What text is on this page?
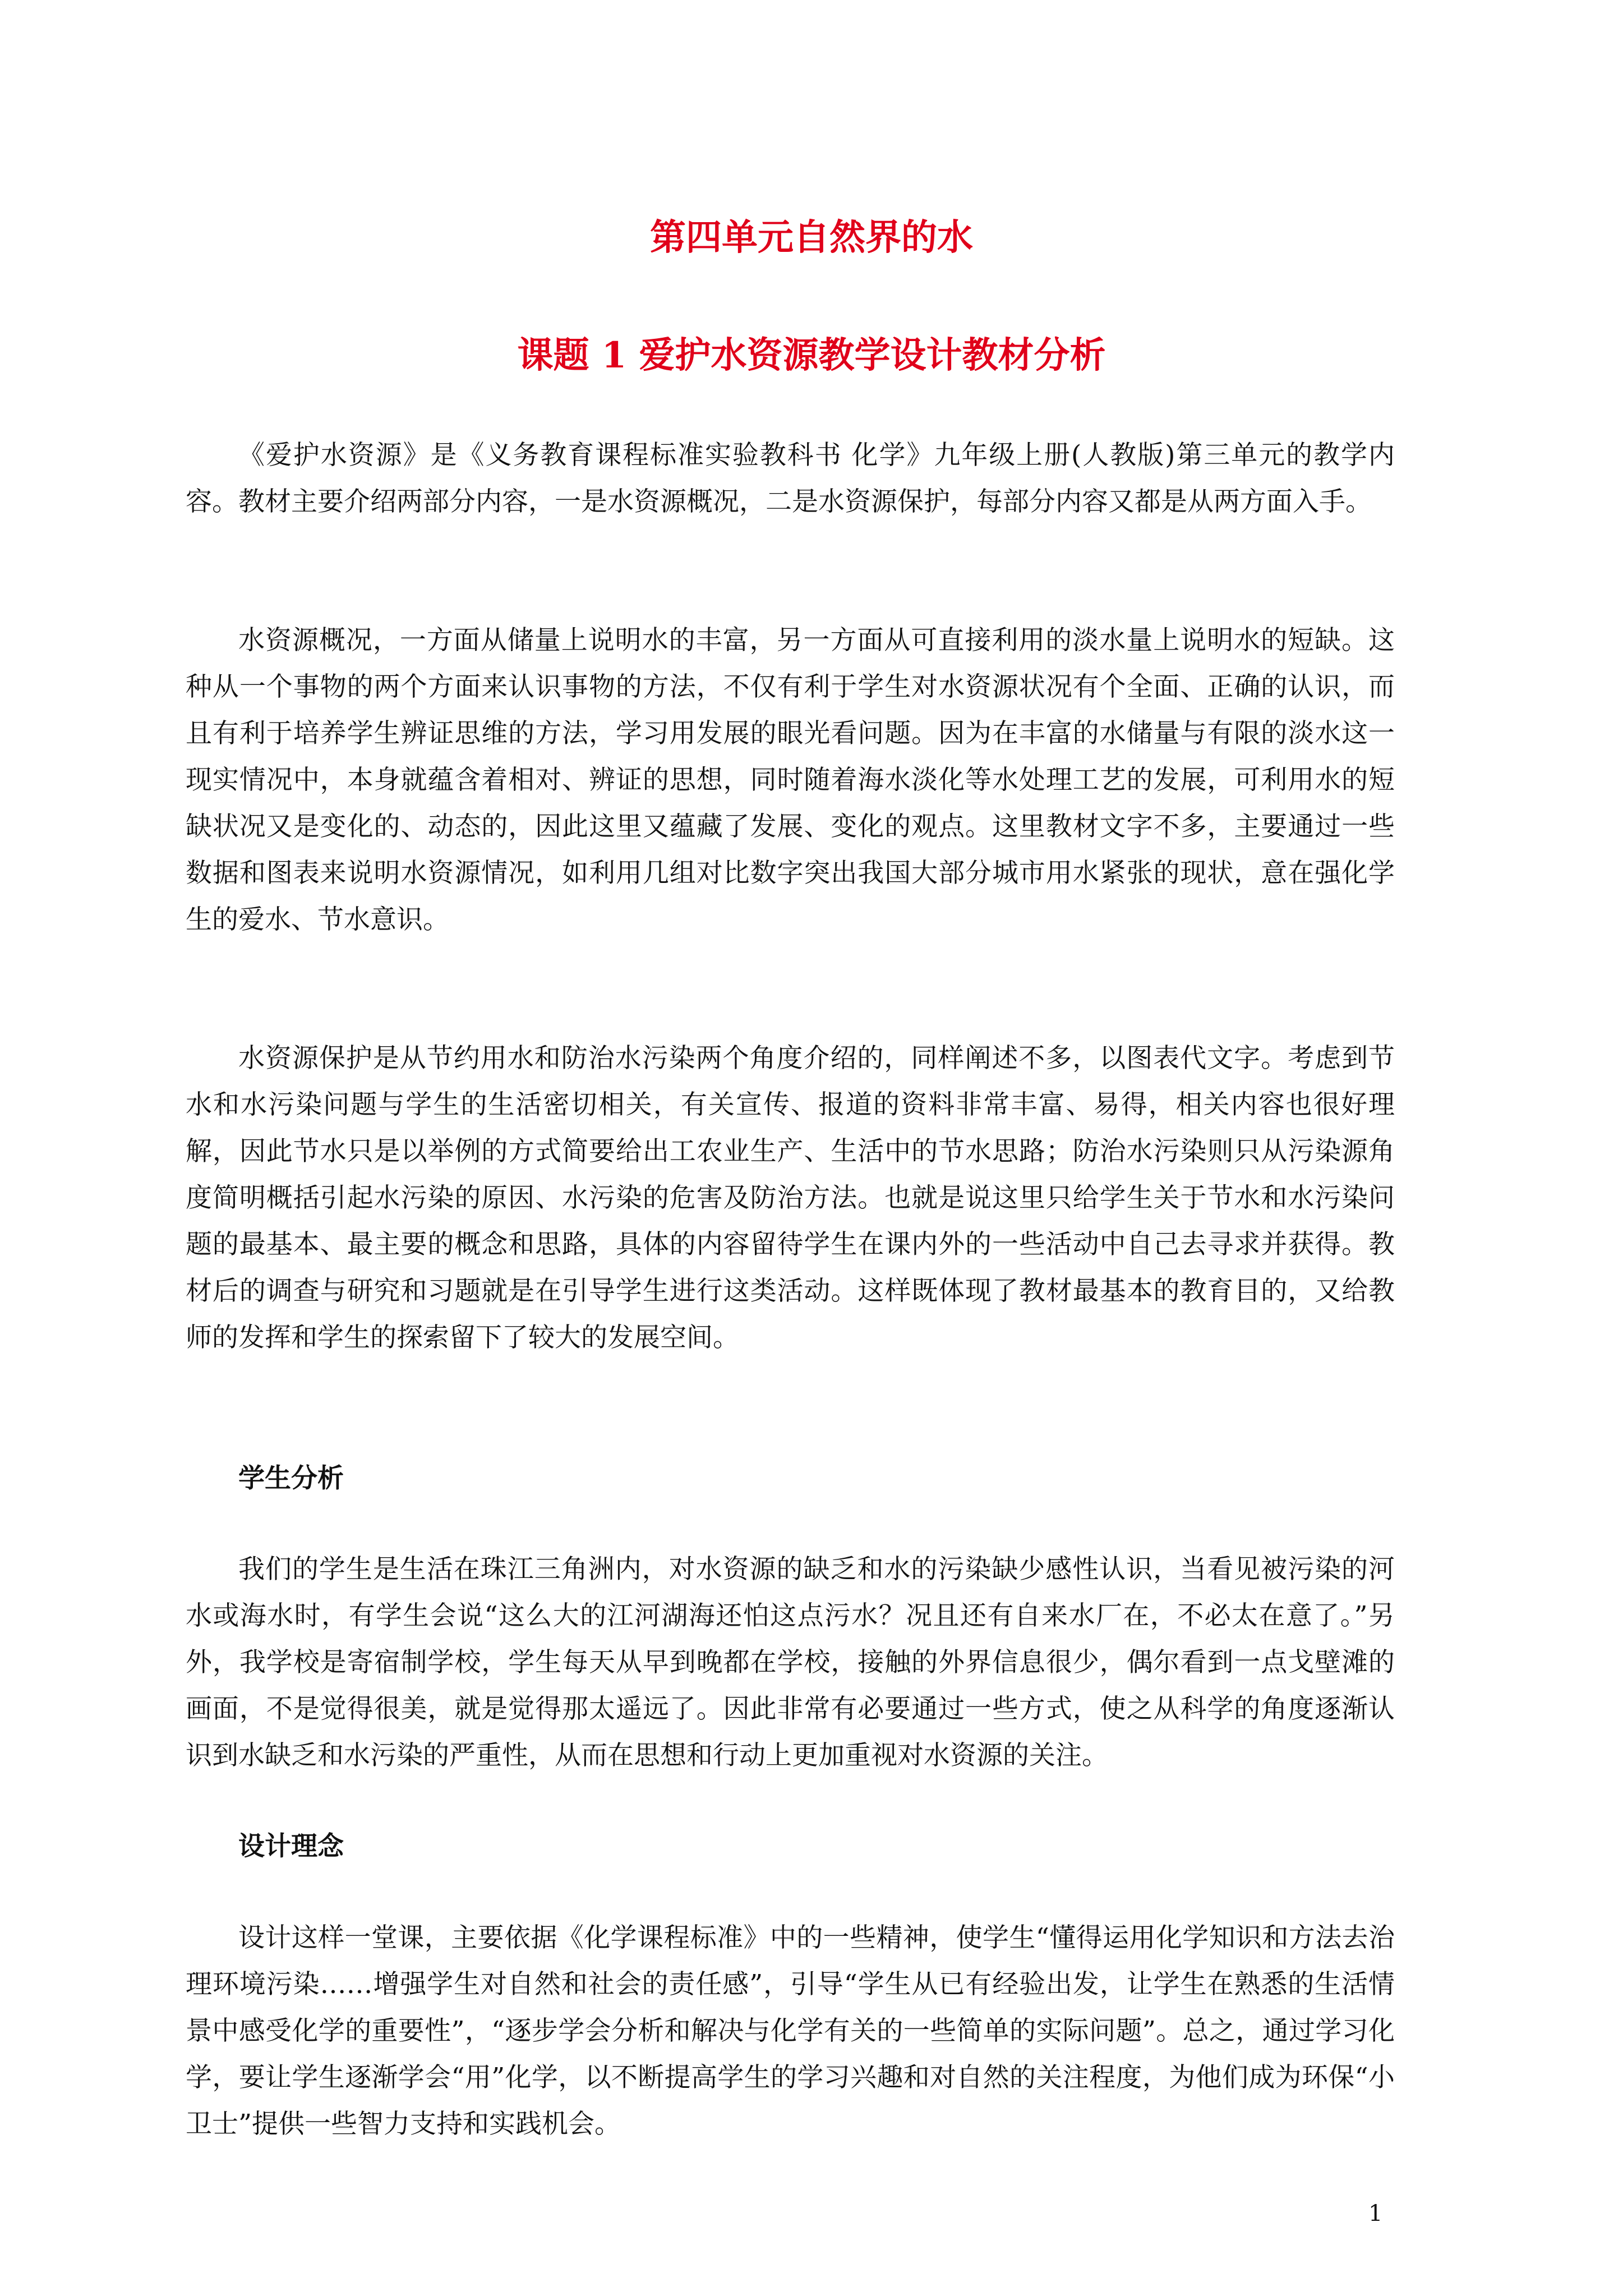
第四单元自然界的水
课题 1 爱护水资源教学设计教材分析

《爱护水资源》是《义务教育课程标准实验教科书 化学》九年级上册(人教版)第三单元的教学内容。教材主要介绍两部分内容，一是水资源概况，二是水资源保护，每部分内容又都是从两方面入手。

水资源概况，一方面从储量上说明水的丰富，另一方面从可直接利用的淡水量上说明水的短缺。这种从一个事物的两个方面来认识事物的方法，不仅有利于学生对水资源状况有个全面、正确的认识，而且有利于培养学生辨证思维的方法，学习用发展的眼光看问题。因为在丰富的水储量与有限的淡水这一现实情况中，本身就蕴含着相对、辨证的思想，同时随着海水淡化等水处理工艺的发展，可利用水的短缺状况又是变化的、动态的，因此这里又蕴藏了发展、变化的观点。这里教材文字不多，主要通过一些数据和图表来说明水资源情况，如利用几组对比数字突出我国大部分城市用水紧张的现状，意在强化学生的爱水、节水意识。

水资源保护是从节约用水和防治水污染两个角度介绍的，同样阐述不多，以图表代文字。考虑到节水和水污染问题与学生的生活密切相关，有关宣传、报道的资料非常丰富、易得，相关内容也很好理解，因此节水只是以举例的方式简要给出工农业生产、生活中的节水思路；防治水污染则只从污染源角度简明概括引起水污染的原因、水污染的危害及防治方法。也就是说这里只给学生关于节水和水污染问题的最基本、最主要的概念和思路，具体的内容留待学生在课内外的一些活动中自己去寻求并获得。教材后的调查与研究和习题就是在引导学生进行这类活动。这样既体现了教材最基本的教育目的，又给教师的发挥和学生的探索留下了较大的发展空间。

学生分析

我们的学生是生活在珠江三角洲内，对水资源的缺乏和水的污染缺少感性认识，当看见被污染的河水或海水时，有学生会说“这么大的江河湖海还怕这点污水？况且还有自来水厂在，不必太在意了。”另外，我学校是寄宿制学校，学生每天从早到晚都在学校，接触的外界信息很少，偶尔看到一点戈壁滩的画面，不是觉得很美，就是觉得那太遥远了。因此非常有必要通过一些方式，使之从科学的角度逐渐认识到水缺乏和水污染的严重性，从而在思想和行动上更加重视对水资源的关注。

设计理念

设计这样一堂课，主要依据《化学课程标准》中的一些精神，使学生“懂得运用化学知识和方法去治理环境污染……增强学生对自然和社会的责任感”，引导“学生从已有经验出发，让学生在熟悉的生活情景中感受化学的重要性”，“逐步学会分析和解决与化学有关的一些简单的实际问题”。总之，通过学习化学，要让学生逐渐学会“用”化学，以不断提高学生的学习兴趣和对自然的关注程度，为他们成为环保“小卫士”提供一些智力支持和实践机会。

1
